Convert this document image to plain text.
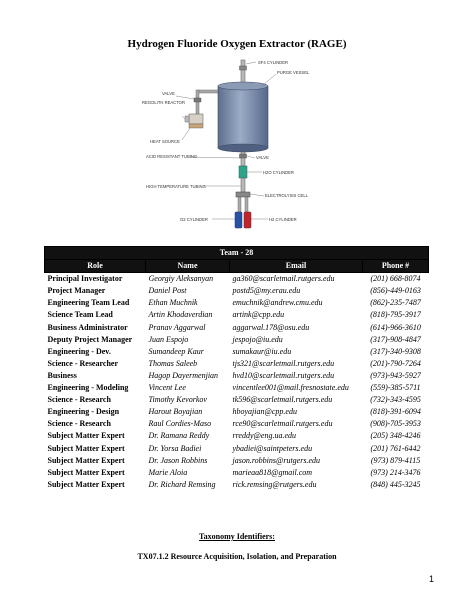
Hydrogen Fluoride Oxygen Extractor (RAGE)
SF4 CYLINDER
PURGE VESSEL
VALVE
REGOLITH REACTOR
HEAT SOURCE
ACID RESISTANT TUBING	VALVE
H2O CYLINDER
HIGH TEMPERATURE TUBING
ELECTROLYSIS CELL
O2 CYLINDER	H2 CYLINDER
Team - 28			
Role	Name	Email	Phone #
Principal Investigator	Georgiy Aleksanyan	ga360@scarletmail.rutgers.edu	(201) 668-8074
Project Manager	Daniel Post	postd5@my.erau.edu	(856)-449-0163
Engineering Team Lead	Ethan Muchnik	emuchnik@andrew.cmu.edu	(862)-235-7487
Science Team Lead	Artin Khodaverdian	artink@cpp.edu	(818)-795-3917
Business Administrator	Pranav Aggarwal	aggarwal.178@osu.edu	(614)-966-3610
Deputy Project Manager	Juan Espojo	jespojo@iu.edu	(317)-908-4847
Engineering - Dev.	Sumandeep Kaur	sumakaur@iu.edu	(317)-340-9308
Science - Researcher	Thomas Saleeb	tjs321@scarletmail.rutgers.edu	(201)-790-7264
Business	Hagop Dayermenjian	hvd10@scarletmail.rutgers.edu	(973)-943-5927
Engineering - Modeling	Vincent Lee	vincentlee001@mail.fresnostate.edu	(559)-385-5711
Science - Research	Timothy Kevorkov	tk596@scarletmail.rutgers.edu	(732)-343-4595
Engineering - Design	Harout Boyajian	hboyajian@cpp.edu	(818)-391-6094
Science - Research	Raul Cordies-Maso	rce90@scarletmail.rutgers.edu	(908)-705-3953
Subject Matter Expert	Dr. Ramana Reddy	rreddy@eng.ua.edu	(205) 348-4246
Subject Matter Expert	Dr. Yorsa Badiei	ybadiei@saintpeters.edu	(201) 761-6442
Subject Matter Expert	Dr. Jason Robbins	jason.robbins@rutgers.edu	(973) 879-4115
Subject Matter Expert	Marie Aloia	marieaa818@gmail.com	(973) 214-3476
Subject Matter Expert	Dr. Richard Remsing	rick.remsing@rutgers.edu	(848) 445-3245
Taxonomy Identifiers:
TX07.1.2 Resource Acquisition, Isolation, and Preparation
1
